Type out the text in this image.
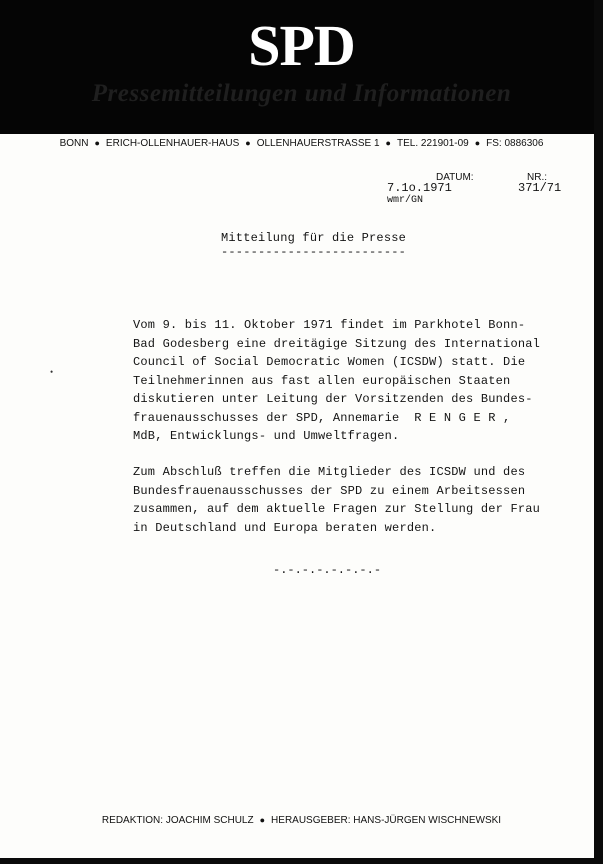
SPD
Pressemitteilungen und Informationen
BONN ● ERICH-OLLENHAUER-HAUS ● OLLENHAUERSTRASSE 1 ● TEL. 221901-09 ● FS: 0886306
DATUM:	NR.:
7.1o.1971	371/71
wmr/GN
Mitteilung für die Presse
-------------------------
•

Vom 9. bis 11. Oktober 1971 findet im Parkhotel Bonn-
Bad Godesberg eine dreitägige Sitzung des International
Council of Social Democratic Women (ICSDW) statt. Die
Teilnehmerinnen aus fast allen europäischen Staaten
diskutieren unter Leitung der Vorsitzenden des Bundes-
frauenausschusses der SPD, Annemarie  R E N G E R ,
MdB, Entwicklungs- und Umweltfragen.

Zum Abschluß treffen die Mitglieder des ICSDW und des
Bundesfrauenausschusses der SPD zu einem Arbeitsessen
zusammen, auf dem aktuelle Fragen zur Stellung der Frau
in Deutschland und Europa beraten werden.

-.-.-.-.-.-.-.-
REDAKTION: JOACHIM SCHULZ ● HERAUSGEBER: HANS-JÜRGEN WISCHNEWSKI
